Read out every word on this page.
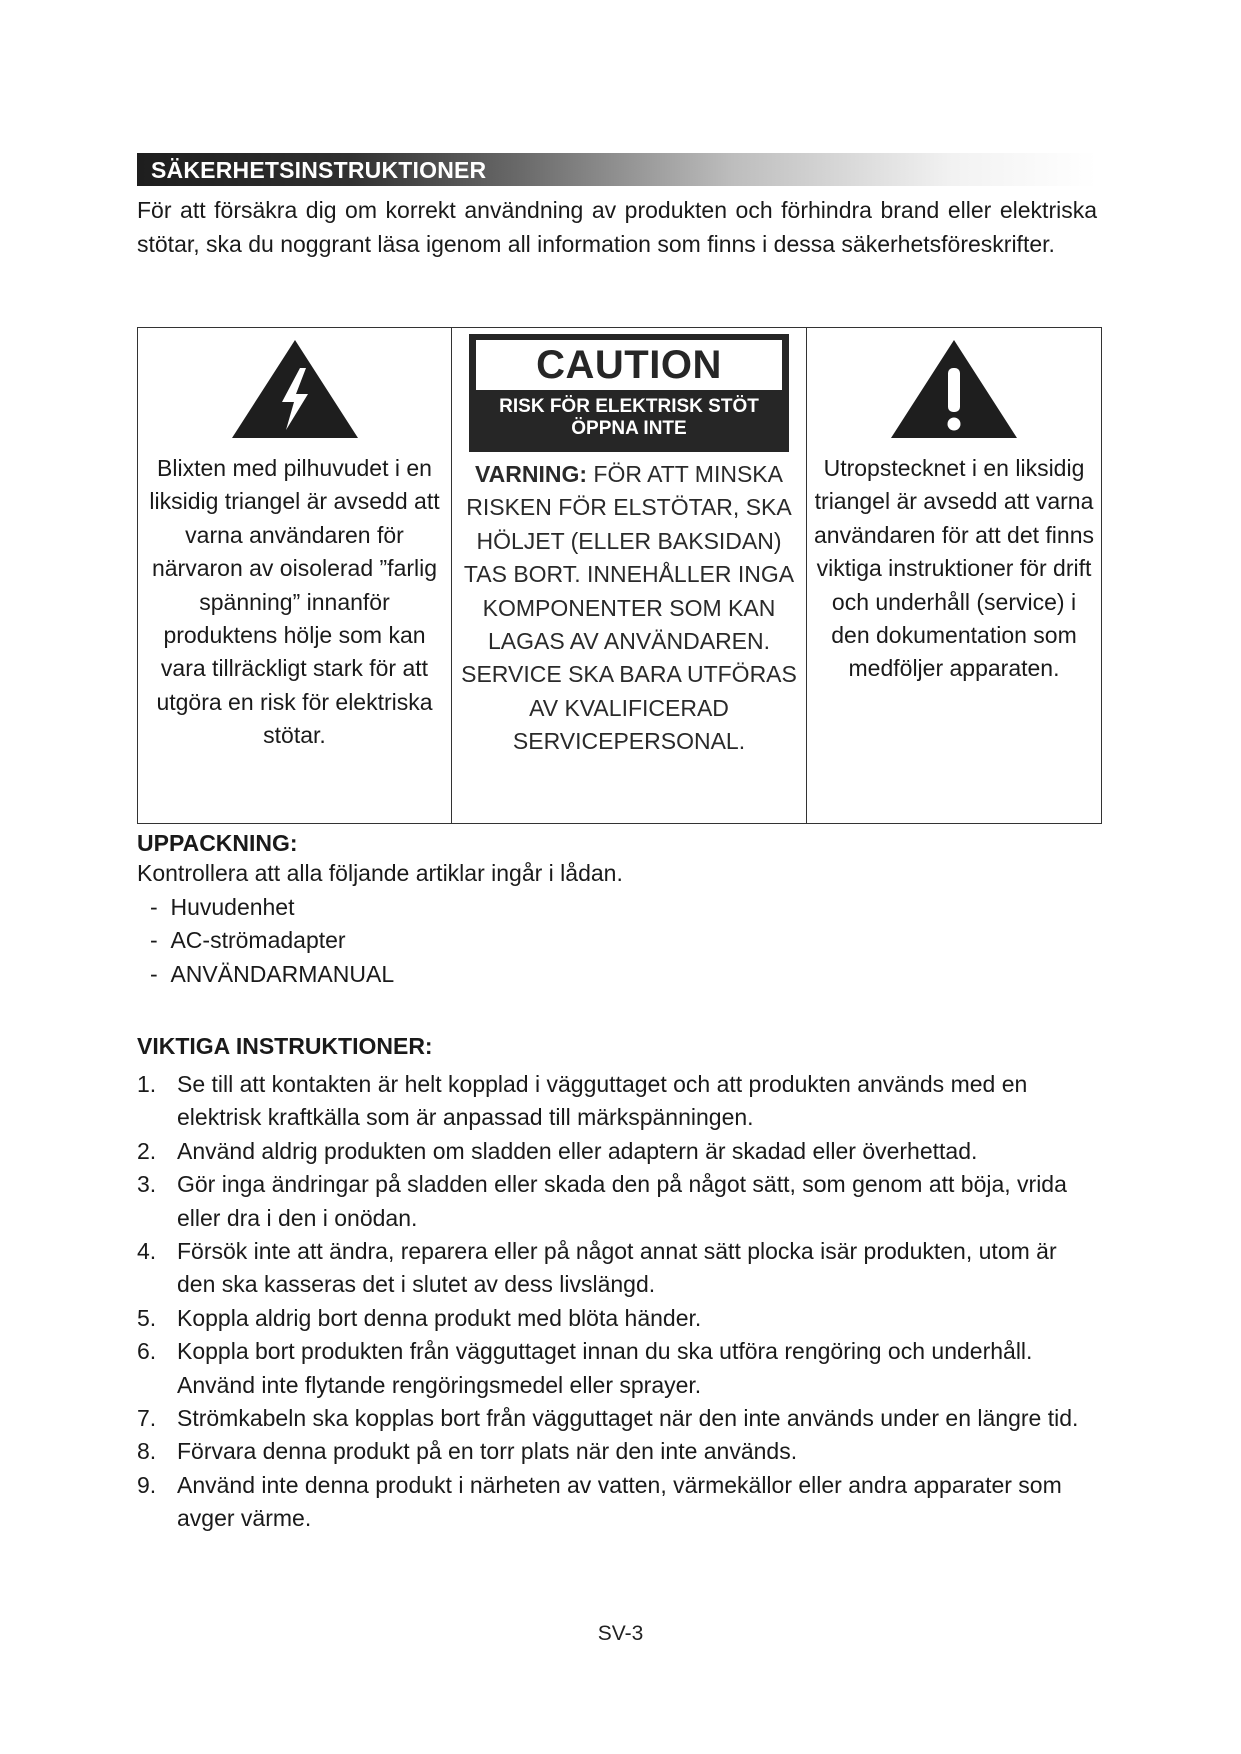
SÄKERHETSINSTRUKTIONER
För att försäkra dig om korrekt användning av produkten och förhindra brand eller elektriska stötar, ska du noggrant läsa igenom all information som finns i dessa säkerhetsföreskrifter.
Blixten med pilhuvudet i en liksidig triangel är avsedd att varna användaren för närvaron av oisolerad ”farlig spänning” innanför produktens hölje som kan vara tillräckligt stark för att utgöra en risk för elektriska stötar.

CAUTION
RISK FÖR ELEKTRISK STÖT
ÖPPNA INTE
VARNING: FÖR ATT MINSKA RISKEN FÖR ELSTÖTAR, SKA HÖLJET (ELLER BAKSIDAN) TAS BORT. INNEHÅLLER INGA KOMPONENTER SOM KAN LAGAS AV ANVÄNDAREN. SERVICE SKA BARA UTFÖRAS AV KVALIFICERAD SERVICEPERSONAL.

Utropstecknet i en liksidig triangel är avsedd att varna användaren för att det finns viktiga instruktioner för drift och underhåll (service) i den dokumentation som medföljer apparaten.
UPPACKNING:
Kontrollera att alla följande artiklar ingår i lådan.
-  Huvudenhet
-  AC-strömadapter
-  ANVÄNDARMANUAL
VIKTIGA INSTRUKTIONER:
1. Se till att kontakten är helt kopplad i vägguttaget och att produkten används med en elektrisk kraftkälla som är anpassad till märkspänningen.
2. Använd aldrig produkten om sladden eller adaptern är skadad eller överhettad.
3. Gör inga ändringar på sladden eller skada den på något sätt, som genom att böja, vrida eller dra i den i onödan.
4. Försök inte att ändra, reparera eller på något annat sätt plocka isär produkten, utom är den ska kasseras det i slutet av dess livslängd.
5. Koppla aldrig bort denna produkt med blöta händer.
6. Koppla bort produkten från vägguttaget innan du ska utföra rengöring och underhåll. Använd inte flytande rengöringsmedel eller sprayer.
7. Strömkabeln ska kopplas bort från vägguttaget när den inte används under en längre tid.
8. Förvara denna produkt på en torr plats när den inte används.
9. Använd inte denna produkt i närheten av vatten, värmekällor eller andra apparater som avger värme.
SV-3
